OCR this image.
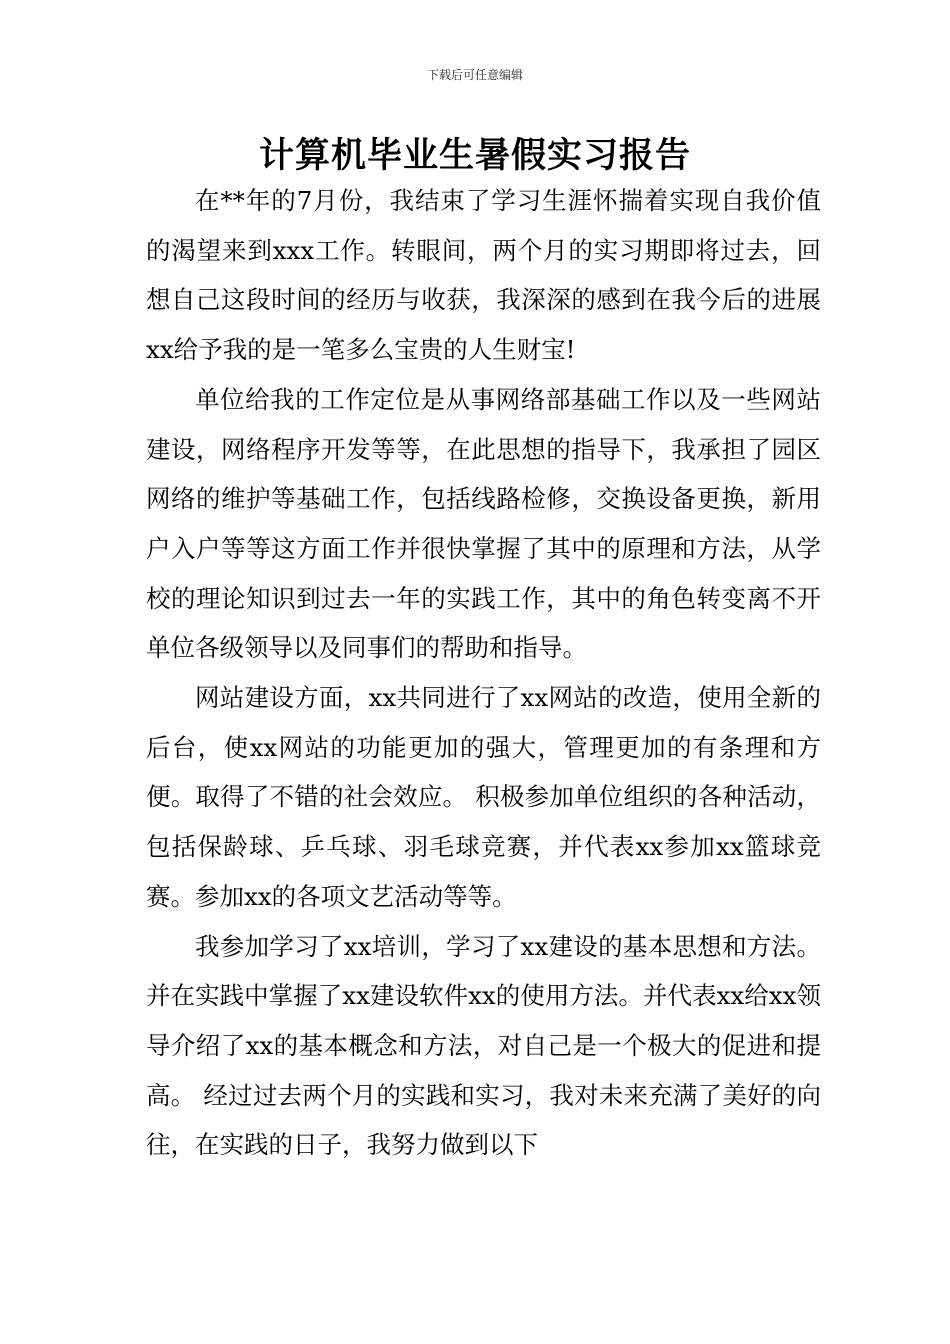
下载后可任意编辑
计算机毕业生暑假实习报告

在**年的7月份，我结束了学习生涯怀揣着实现自我价值的渴望来到xxx工作。转眼间，两个月的实习期即将过去，回想自己这段时间的经历与收获，我深深的感到在我今后的进展xx给予我的是一笔多么宝贵的人生财宝!

单位给我的工作定位是从事网络部基础工作以及一些网站建设，网络程序开发等等，在此思想的指导下，我承担了园区网络的维护等基础工作，包括线路检修，交换设备更换，新用户入户等等这方面工作并很快掌握了其中的原理和方法，从学校的理论知识到过去一年的实践工作，其中的角色转变离不开单位各级领导以及同事们的帮助和指导。

网站建设方面，xx共同进行了xx网站的改造，使用全新的后台，使xx网站的功能更加的强大，管理更加的有条理和方便。取得了不错的社会效应。 积极参加单位组织的各种活动，包括保龄球、乒乓球、羽毛球竞赛，并代表xx参加xx篮球竞赛。参加xx的各项文艺活动等等。

我参加学习了xx培训，学习了xx建设的基本思想和方法。并在实践中掌握了xx建设软件xx的使用方法。并代表xx给xx领导介绍了xx的基本概念和方法，对自己是一个极大的促进和提高。 经过过去两个月的实践和实习，我对未来充满了美好的向往，在实践的日子，我努力做到以下
